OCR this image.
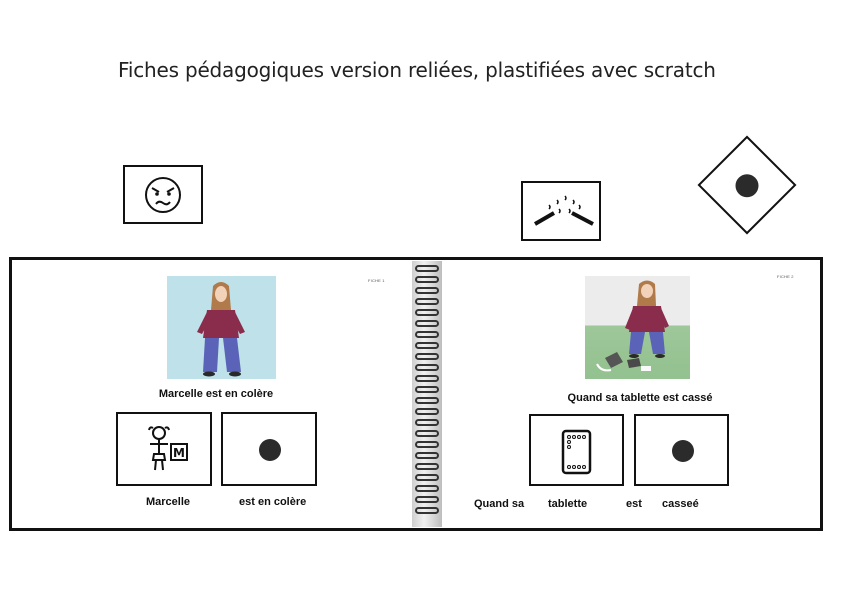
Fiches pédagogiques version reliées, plastifiées avec scratch
FICHE 1
Marcelle est en colère
M
Marcelle	est en colère
FICHE 2
Quand sa tablette est cassé
Quand sa tablette	est casseé
